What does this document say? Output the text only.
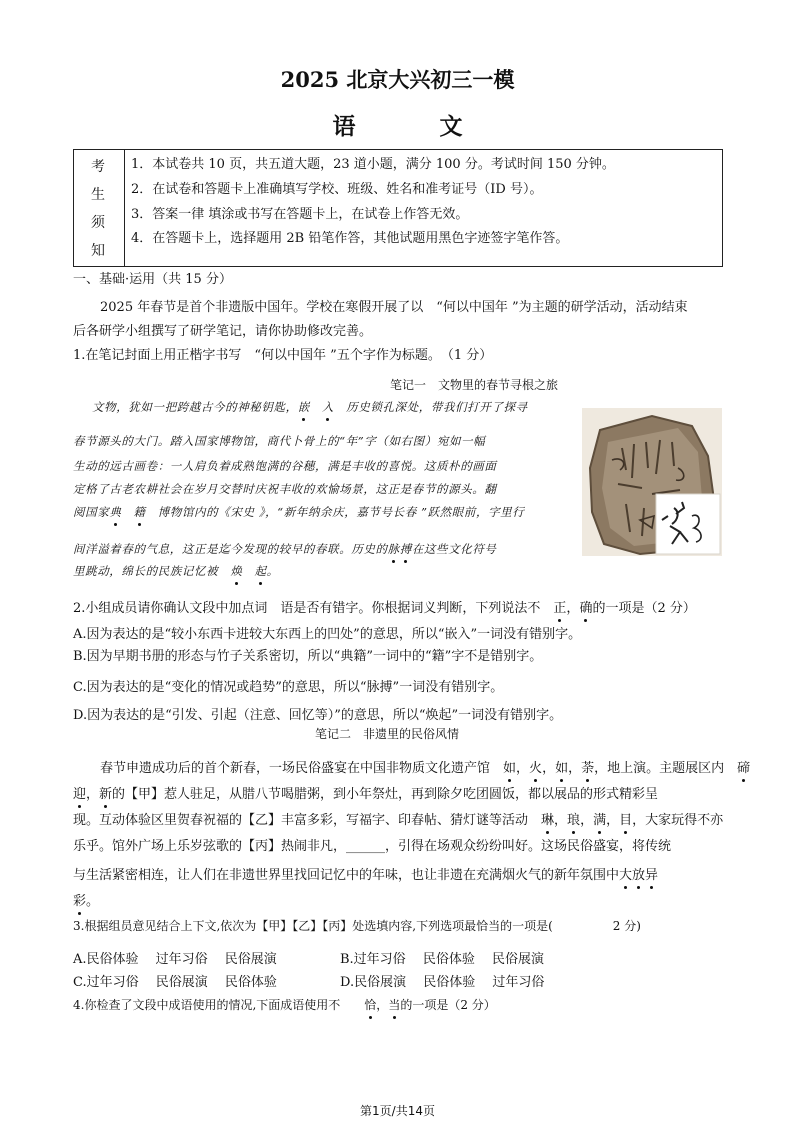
2025 北京大兴初三一模
语 文
考
生
须
知
1．本试卷共 10 页，共五道大题，23 道小题，满分 100 分。考试时间 150 分钟。
2．在试卷和答题卡上准确填写学校、班级、姓名和准考证号（ID 号）。
3．答案一律 填涂或书写在答题卡上，在试卷上作答无效。
4．在答题卡上，选择题用 2B 铅笔作答，其他试题用黑色字迹签字笔作答。
一、基础·运用（共 15 分）
2025 年春节是首个非遗版中国年。学校在寒假开展了以　“何以中国年 ”为主题的研学活动，活动结束
后各研学小组撰写了研学笔记，请你协助修改完善。
1.在笔记封面上用正楷字书写　“何以中国年 ”五个字作为标题。　（1 分）
笔记一　文物里的春节寻根之旅
文物，犹如一把跨越古今的神秘钥匙，嵌　 入　 历史锁孔深处，带我们打开了探寻
春节源头的大门。踏入国家博物馆，商代卜骨上的“年”字（如右图）宛如一幅
生动的远古画卷：一人肩负着成熟饱满的谷穗，满是丰收的喜悦。这质朴的画面
定格了古老农耕社会在岁月交替时庆祝丰收的欢愉场景，这正是春节的源头。翻
阅国家典　 籍　 博物馆内的《宋史 》，“新年纳余庆，嘉节号长春 ”跃然眼前，字里行
间洋溢着春的气息，这正是迄今发现的较早的春联。历史的脉搏在这些文化符号
里跳动，绵长的民族记忆被　 焕　 起。
2.小组成员请你确认文段中加点词　语是否有错字。你根据词义判断，下列说法不　正，确的一项是（2 分）
A.因为表达的是“较小东西卡进较大东西上的凹处”的意思，所以“嵌入”一词没有错别字。
B.因为早期书册的形态与竹子关系密切，所以“典籍”一词中的“籍”字不是错别字。
C.因为表达的是“变化的情况或趋势”的意思，所以“脉搏”一词没有错别字。
D.因为表达的是“引发、引起（注意、回忆等）”的意思，所以“焕起”一词没有错别字。
笔记二　非遗里的民俗风情
春节申遗成功后的首个新春，一场民俗盛宴在中国非物质文化遗产馆　如，火，如，荼，地上演。主题展区内　 碲
迎，新的【甲】惹人驻足，从腊八节喝腊粥，到小年祭灶，再到除夕吃团圆饭，都以展品的形式精彩呈
现。互动体验区里贺春祝福的【乙】丰富多彩，写福字、印春帖、猜灯谜等活动　琳，琅，满，目，大家玩得不亦
乐乎。馆外广场上乐岁弦歌的【丙】热闹非凡，______，引得在场观众纷纷叫好。这场民俗盛宴，将传统
与生活紧密相连，让人们在非遗世界里找回记忆中的年味，也让非遗在充满烟火气的新年氛围中大放异
彩。
3.根据组员意见结合上下文,依次为【甲】【乙】【丙】处选填内容,下列选项最恰当的一项是(　　　　　2 分)
A.民俗体验　 过年习俗　 民俗展演	B.过年习俗　 民俗体验　 民俗展演
C.过年习俗　 民俗展演　 民俗体验	D.民俗展演　 民俗体验　 过年习俗
4.你检查了文段中成语使用的情况,下面成语使用不　　恰，当的一项是（2 分）
第1页/共14页
